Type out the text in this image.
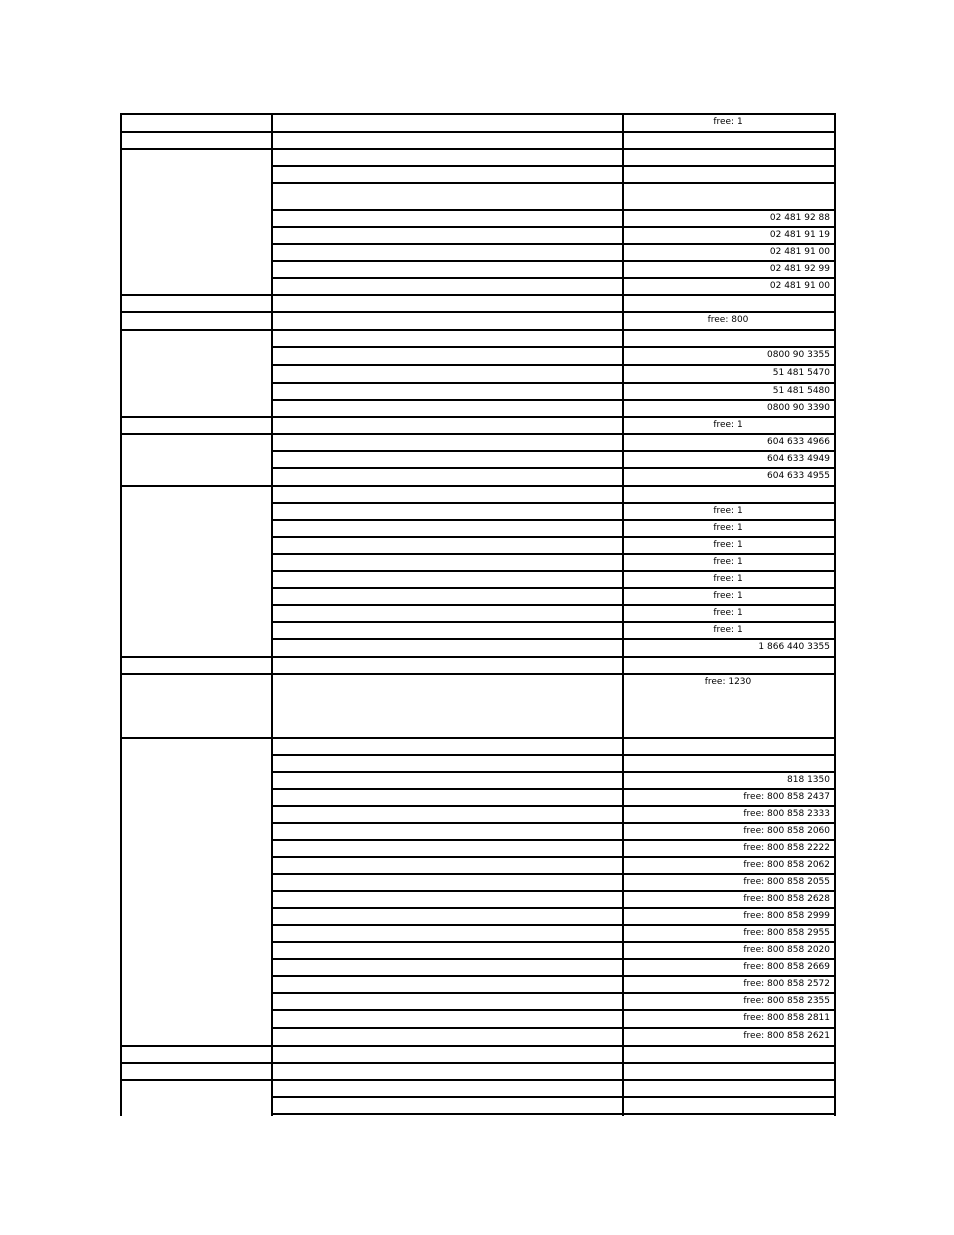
free: 1
02 481 92 88
02 481 91 19
02 481 91 00
02 481 92 99
02 481 91 00
free: 800
0800 90 3355
51 481 5470
51 481 5480
0800 90 3390
free: 1
604 633 4966
604 633 4949
604 633 4955
free: 1
free: 1
free: 1
free: 1
free: 1
free: 1
free: 1
free: 1
1 866 440 3355
free: 1230
818 1350
free: 800 858 2437
free: 800 858 2333
free: 800 858 2060
free: 800 858 2222
free: 800 858 2062
free: 800 858 2055
free: 800 858 2628
free: 800 858 2999
free: 800 858 2955
free: 800 858 2020
free: 800 858 2669
free: 800 858 2572
free: 800 858 2355
free: 800 858 2811
free: 800 858 2621
